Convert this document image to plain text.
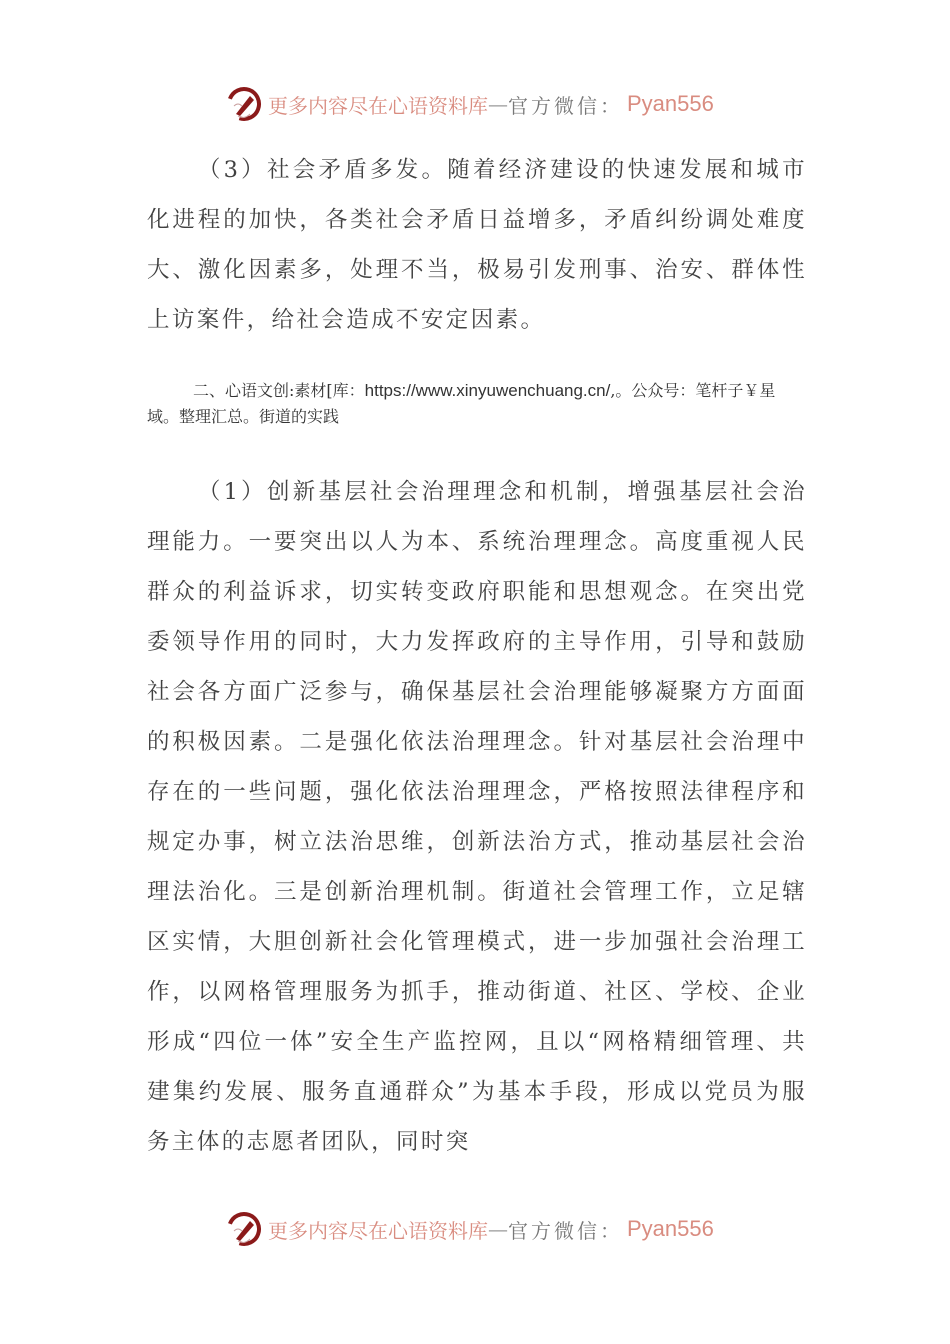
更多内容尽在心语资料库 — 官方微信： Pyan556

（3）社会矛盾多发。随着经济建设的快速发展和城市化进程的加快，各类社会矛盾日益增多，矛盾纠纷调处难度大、激化因素多，处理不当，极易引发刑事、治安、群体性上访案件，给社会造成不安定因素。

二、心语文创:素材[库：https://www.xinyuwenchuang.cn/,。公众号：笔杆子￥星域。整理汇总。街道的实践

（1）创新基层社会治理理念和机制，增强基层社会治理能力。一要突出以人为本、系统治理理念。高度重视人民群众的利益诉求，切实转变政府职能和思想观念。在突出党委领导作用的同时，大力发挥政府的主导作用，引导和鼓励社会各方面广泛参与，确保基层社会治理能够凝聚方方面面的积极因素。二是强化依法治理理念。针对基层社会治理中存在的一些问题，强化依法治理理念，严格按照法律程序和规定办事，树立法治思维，创新法治方式，推动基层社会治理法治化。三是创新治理机制。街道社会管理工作，立足辖区实情，大胆创新社会化管理模式，进一步加强社会治理工作，以网格管理服务为抓手，推动街道、社区、学校、企业形成“四位一体”安全生产监控网，且以“网格精细管理、共建集约发展、服务直通群众”为基本手段，形成以党员为服务主体的志愿者团队，同时突

更多内容尽在心语资料库 — 官方微信： Pyan556
